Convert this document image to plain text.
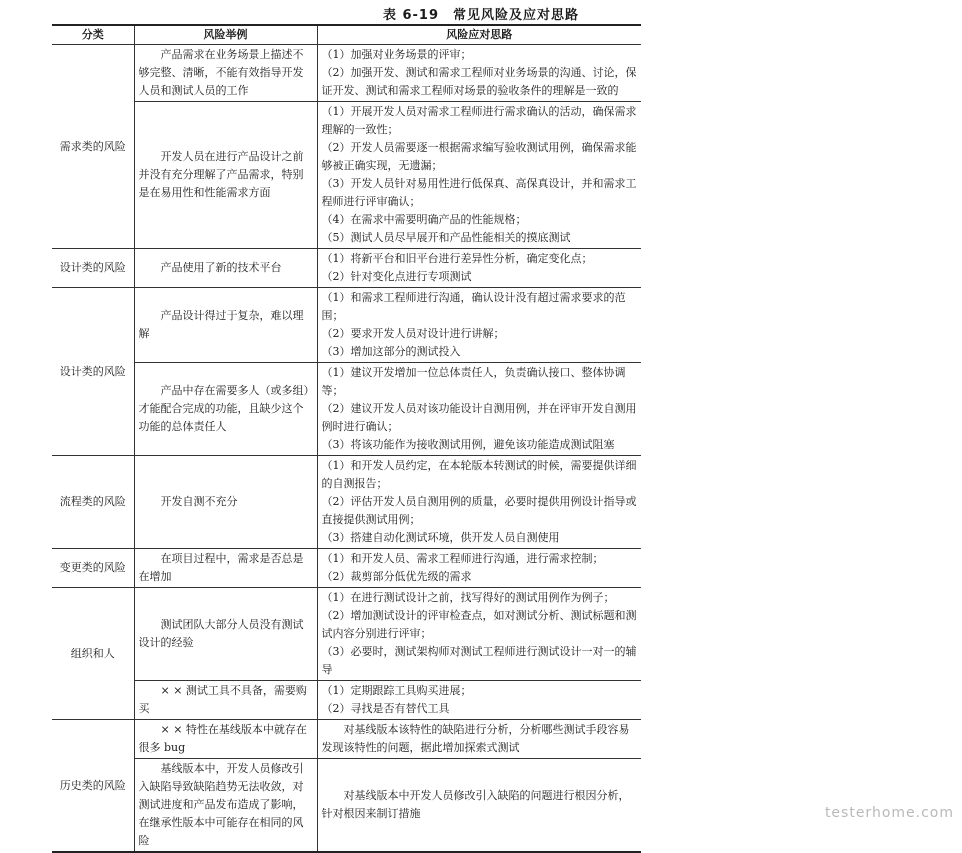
表 6-19　常见风险及应对思路
分类	风险举例	风险应对思路
需求类的风险	产品需求在业务场景上描述不够完整、清晰，不能有效指导开发人员和测试人员的工作	（1）加强对业务场景的评审；
（2）加强开发、测试和需求工程师对业务场景的沟通、讨论，保证开发、测试和需求工程师对场景的验收条件的理解是一致的

	开发人员在进行产品设计之前并没有充分理解了产品需求，特别是在易用性和性能需求方面	（1）开展开发人员对需求工程师进行需求确认的活动，确保需求理解的一致性；
（2）开发人员需要逐一根据需求编写验收测试用例，确保需求能够被正确实现，无遗漏；
（3）开发人员针对易用性进行低保真、高保真设计，并和需求工程师进行评审确认；
（4）在需求中需要明确产品的性能规格；
（5）测试人员尽早展开和产品性能相关的摸底测试

设计类的风险	产品使用了新的技术平台	（1）将新平台和旧平台进行差异性分析，确定变化点；
（2）针对变化点进行专项测试

设计类的风险	产品设计得过于复杂，难以理解	（1）和需求工程师进行沟通，确认设计没有超过需求要求的范围；
（2）要求开发人员对设计进行讲解；
（3）增加这部分的测试投入

	产品中存在需要多人（或多组）才能配合完成的功能，且缺少这个功能的总体责任人	（1）建议开发增加一位总体责任人，负责确认接口、整体协调等；
（2）建议开发人员对该功能设计自测用例，并在评审开发自测用例时进行确认；
（3）将该功能作为接收测试用例，避免该功能造成测试阻塞

流程类的风险	开发自测不充分	（1）和开发人员约定，在本轮版本转测试的时候，需要提供详细的自测报告；
（2）评估开发人员自测用例的质量，必要时提供用例设计指导或直接提供测试用例；
（3）搭建自动化测试环境，供开发人员自测使用

变更类的风险	在项目过程中，需求是否总是在增加	（1）和开发人员、需求工程师进行沟通，进行需求控制；
（2）裁剪部分低优先级的需求

组织和人	测试团队大部分人员没有测试设计的经验	（1）在进行测试设计之前，找写得好的测试用例作为例子；
（2）增加测试设计的评审检查点，如对测试分析、测试标题和测试内容分别进行评审；
（3）必要时，测试架构师对测试工程师进行测试设计一对一的辅导

	× × 测试工具不具备，需要购买	（1）定期跟踪工具购买进展；
（2）寻找是否有替代工具

历史类的风险	× × 特性在基线版本中就存在很多 bug	对基线版本该特性的缺陷进行分析，分析哪些测试手段容易发现该特性的问题，据此增加探索式测试

	基线版本中，开发人员修改引入缺陷导致缺陷趋势无法收敛，对测试进度和产品发布造成了影响，在继承性版本中可能存在相同的风险	对基线版本中开发人员修改引入缺陷的问题进行根因分析，针对根因来制订措施	testerhome.com
